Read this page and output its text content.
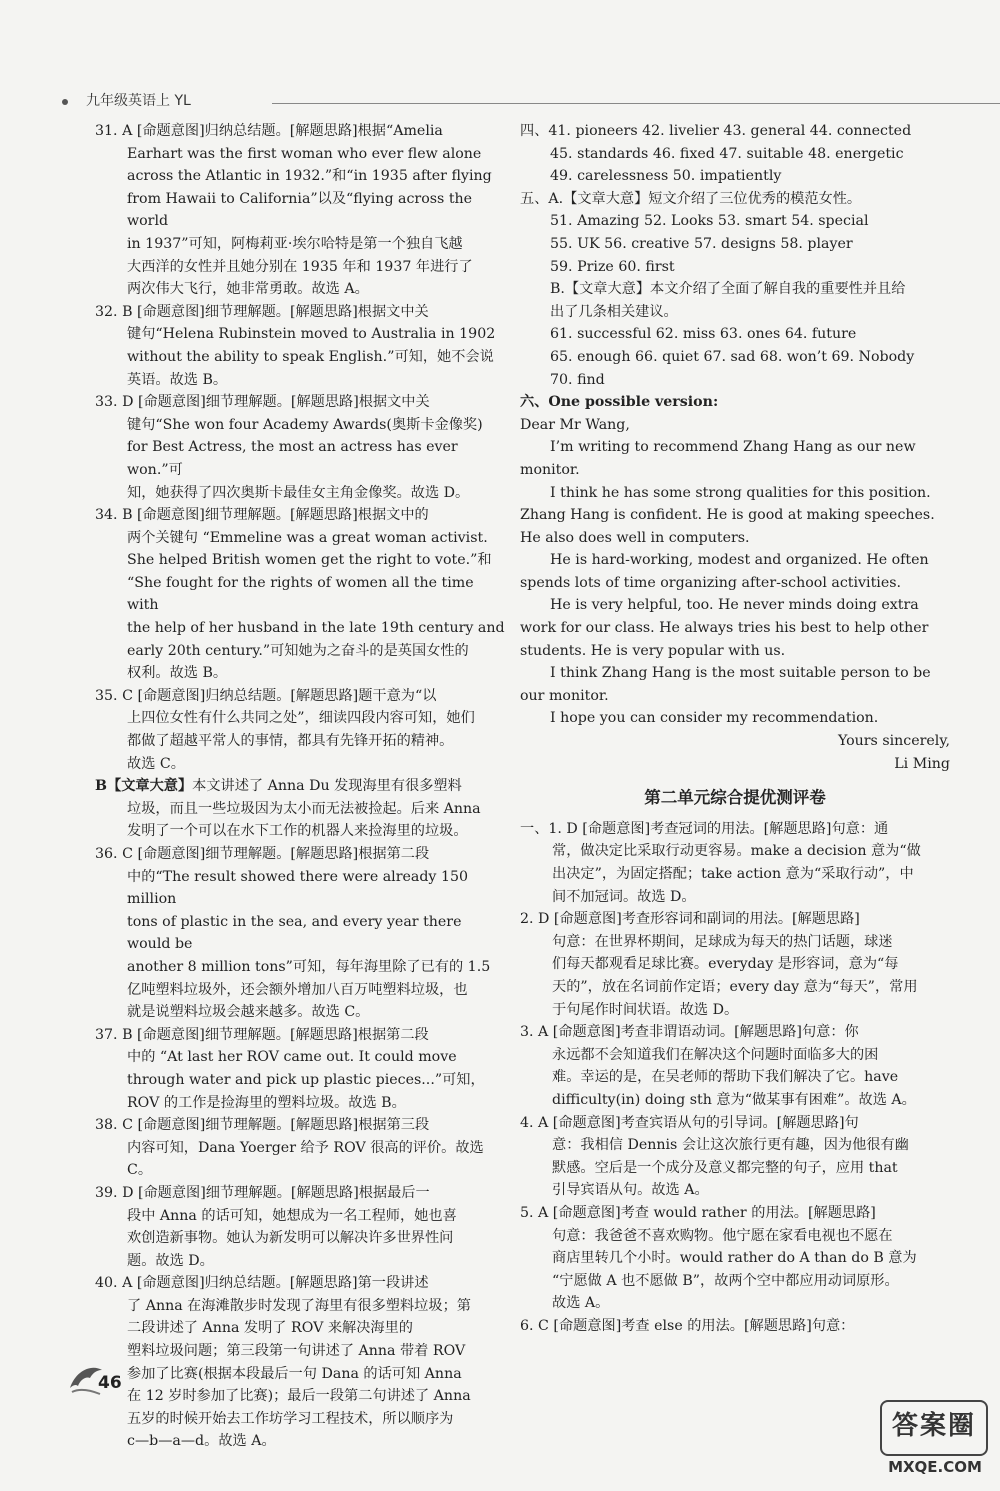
九年级英语上 YL
31. A [命题意图]归纳总结题。[解题思路]根据“Amelia
Earhart was the first woman who ever flew alone
across the Atlantic in 1932.”和“in 1935 after flying
from Hawaii to California”以及“flying across the world
in 1937”可知，阿梅莉亚·埃尔哈特是第一个独自飞越
大西洋的女性并且她分别在 1935 年和 1937 年进行了
两次伟大飞行，她非常勇敢。故选 A。
32. B [命题意图]细节理解题。[解题思路]根据文中关
键句“Helena Rubinstein moved to Australia in 1902
without the ability to speak English.”可知，她不会说
英语。故选 B。
33. D [命题意图]细节理解题。[解题思路]根据文中关
键句“She won four Academy Awards(奥斯卡金像奖)
for Best Actress, the most an actress has ever won.”可
知，她获得了四次奥斯卡最佳女主角金像奖。故选 D。
34. B [命题意图]细节理解题。[解题思路]根据文中的
两个关键句 “Emmeline was a great woman activist.
She helped British women get the right to vote.”和
“She fought for the rights of women all the time with
the help of her husband in the late 19th century and
early 20th century.”可知她为之奋斗的是英国女性的
权利。故选 B。
35. C [命题意图]归纳总结题。[解题思路]题干意为“以
上四位女性有什么共同之处”，细读四段内容可知，她们
都做了超越平常人的事情，都具有先锋开拓的精神。
故选 C。
B【文章大意】本文讲述了 Anna Du 发现海里有很多塑料
垃圾，而且一些垃圾因为太小而无法被捡起。后来 Anna
发明了一个可以在水下工作的机器人来捡海里的垃圾。
36. C [命题意图]细节理解题。[解题思路]根据第二段
中的“The result showed there were already 150 million
tons of plastic in the sea, and every year there would be
another 8 million tons”可知，每年海里除了已有的 1.5
亿吨塑料垃圾外，还会额外增加八百万吨塑料垃圾，也
就是说塑料垃圾会越来越多。故选 C。
37. B [命题意图]细节理解题。[解题思路]根据第二段
中的 “At last her ROV came out. It could move
through water and pick up plastic pieces...”可知，
ROV 的工作是捡海里的塑料垃圾。故选 B。
38. C [命题意图]细节理解题。[解题思路]根据第三段
内容可知，Dana Yoerger 给予 ROV 很高的评价。故选
C。
39. D [命题意图]细节理解题。[解题思路]根据最后一
段中 Anna 的话可知，她想成为一名工程师，她也喜
欢创造新事物。她认为新发明可以解决许多世界性问
题。故选 D。
40. A [命题意图]归纳总结题。[解题思路]第一段讲述
了 Anna 在海滩散步时发现了海里有很多塑料垃圾；第
二段讲述了 Anna 发明了 ROV 来解决海里的
塑料垃圾问题；第三段第一句讲述了 Anna 带着 ROV
参加了比赛(根据本段最后一句 Dana 的话可知 Anna
在 12 岁时参加了比赛)；最后一段第二句讲述了 Anna
五岁的时候开始去工作坊学习工程技术，所以顺序为
c—b—a—d。故选 A。
四、41. pioneers 42. livelier 43. general 44. connected
45. standards 46. fixed 47. suitable 48. energetic
49. carelessness 50. impatiently
五、A.【文章大意】短文介绍了三位优秀的模范女性。
51. Amazing 52. Looks 53. smart 54. special
55. UK 56. creative 57. designs 58. player
59. Prize 60. first
B.【文章大意】本文介绍了全面了解自我的重要性并且给
出了几条相关建议。
61. successful 62. miss 63. ones 64. future
65. enough 66. quiet 67. sad 68. won’t 69. Nobody
70. find
六、One possible version:

Dear Mr Wang,

I’m writing to recommend Zhang Hang as our new monitor.

I think he has some strong qualities for this position. Zhang Hang is confident. He is good at making speeches. He also does well in computers.

He is hard-working, modest and organized. He often spends lots of time organizing after-school activities.

He is very helpful, too. He never minds doing extra work for our class. He always tries his best to help other students. He is very popular with us.

I think Zhang Hang is the most suitable person to be our monitor.

I hope you can consider my recommendation.

Yours sincerely,

Li Ming

第二单元综合提优测评卷
一、1. D [命题意图]考查冠词的用法。[解题思路]句意：通
常，做决定比采取行动更容易。make a decision 意为“做
出决定”，为固定搭配；take action 意为“采取行动”，中
间不加冠词。故选 D。
2. D [命题意图]考查形容词和副词的用法。[解题思路]
句意：在世界杯期间，足球成为每天的热门话题，球迷
们每天都观看足球比赛。everyday 是形容词，意为“每
天的”，放在名词前作定语；every day 意为“每天”，常用
于句尾作时间状语。故选 D。
3. A [命题意图]考查非谓语动词。[解题思路]句意：你
永远都不会知道我们在解决这个问题时面临多大的困
难。幸运的是，在吴老师的帮助下我们解决了它。have
difficulty(in) doing sth 意为“做某事有困难”。故选 A。
4. A [命题意图]考查宾语从句的引导词。[解题思路]句
意：我相信 Dennis 会让这次旅行更有趣，因为他很有幽
默感。空后是一个成分及意义都完整的句子，应用 that
引导宾语从句。故选 A。
5. A [命题意图]考查 would rather 的用法。[解题思路]
句意：我爸爸不喜欢购物。他宁愿在家看电视也不愿在
商店里转几个小时。would rather do A than do B 意为
“宁愿做 A 也不愿做 B”，故两个空中都应用动词原形。
故选 A。
6. C [命题意图]考查 else 的用法。[解题思路]句意：
46
答案圈
MXQE.COM
